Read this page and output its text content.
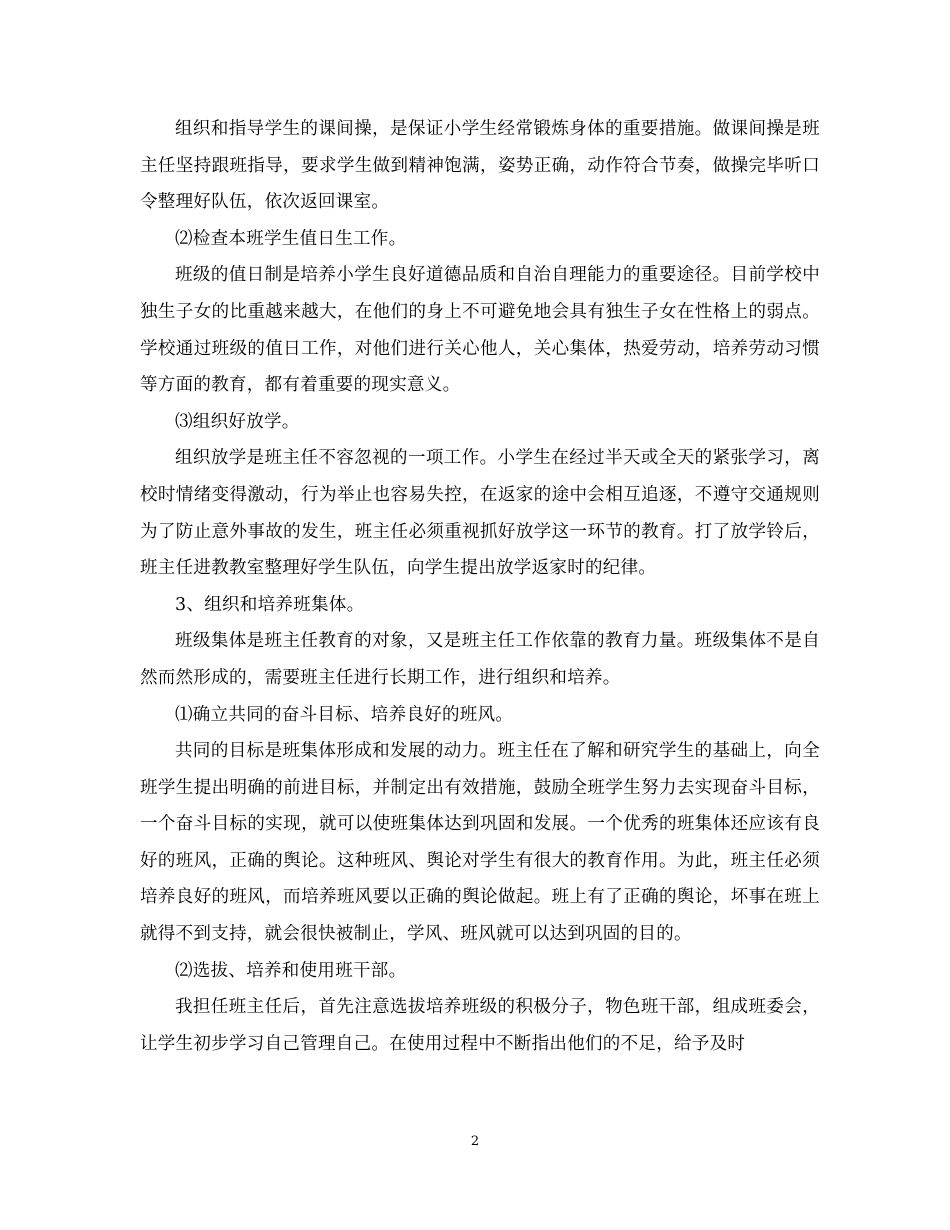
组织和指导学生的课间操，是保证小学生经常锻炼身体的重要措施。做课间操是班主任坚持跟班指导，要求学生做到精神饱满，姿势正确，动作符合节奏，做操完毕听口令整理好队伍，依次返回课室。

⑵检查本班学生值日生工作。

班级的值日制是培养小学生良好道德品质和自治自理能力的重要途径。目前学校中独生子女的比重越来越大，在他们的身上不可避免地会具有独生子女在性格上的弱点。学校通过班级的值日工作，对他们进行关心他人，关心集体，热爱劳动，培养劳动习惯等方面的教育，都有着重要的现实意义。

⑶组织好放学。

组织放学是班主任不容忽视的一项工作。小学生在经过半天或全天的紧张学习，离校时情绪变得激动，行为举止也容易失控，在返家的途中会相互追逐，不遵守交通规则为了防止意外事故的发生，班主任必须重视抓好放学这一环节的教育。打了放学铃后，班主任进教教室整理好学生队伍，向学生提出放学返家时的纪律。

3、组织和培养班集体。

班级集体是班主任教育的对象，又是班主任工作依靠的教育力量。班级集体不是自然而然形成的，需要班主任进行长期工作，进行组织和培养。

⑴确立共同的奋斗目标、培养良好的班风。

共同的目标是班集体形成和发展的动力。班主任在了解和研究学生的基础上，向全班学生提出明确的前进目标，并制定出有效措施，鼓励全班学生努力去实现奋斗目标，一个奋斗目标的实现，就可以使班集体达到巩固和发展。一个优秀的班集体还应该有良好的班风，正确的舆论。这种班风、舆论对学生有很大的教育作用。为此，班主任必须培养良好的班风，而培养班风要以正确的舆论做起。班上有了正确的舆论，坏事在班上就得不到支持，就会很快被制止，学风、班风就可以达到巩固的目的。

⑵选拔、培养和使用班干部。

我担任班主任后，首先注意选拔培养班级的积极分子，物色班干部，组成班委会，让学生初步学习自己管理自己。在使用过程中不断指出他们的不足，给予及时

2
